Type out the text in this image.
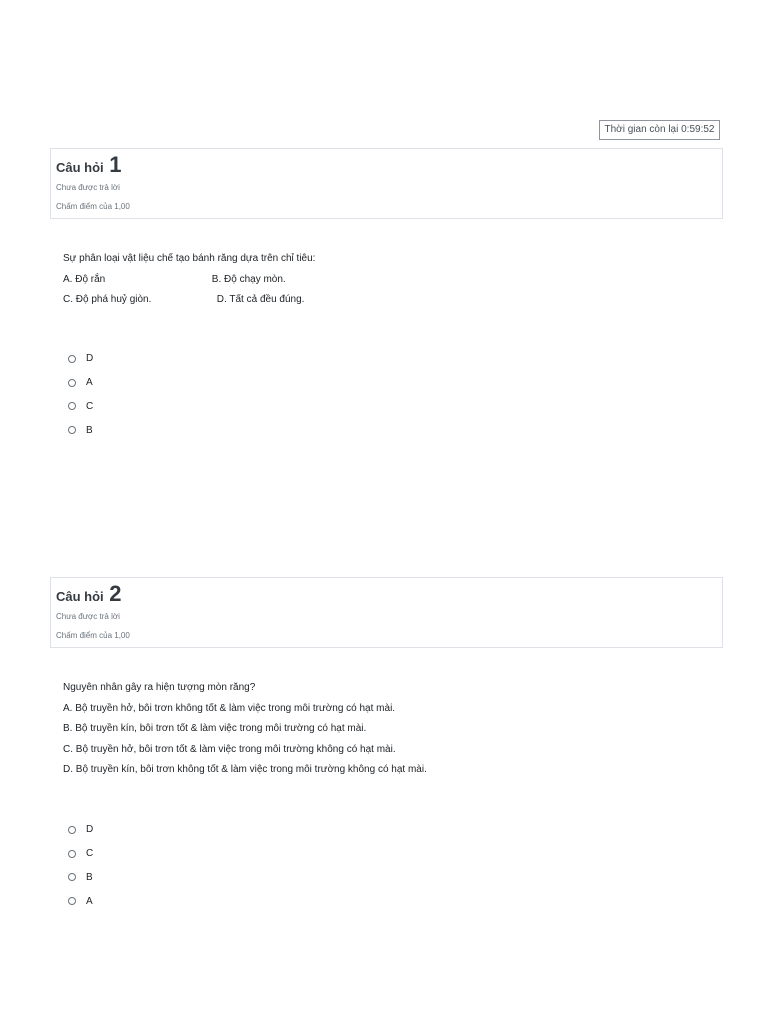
Thời gian còn lại 0:59:52
Câu hỏi 1
Chưa được trả lời
Chấm điểm của 1,00
Sự phân loại vật liệu chế tạo bánh răng dựa trên chỉ tiêu:
A. Độ rắn	B. Độ chạy mòn.
C. Độ phá huỷ giòn.	D. Tất cả đều đúng.
D
A
C
B
Câu hỏi 2
Chưa được trả lời
Chấm điểm của 1,00
Nguyên nhân gây ra hiện tượng mòn răng?
A. Bộ truyền hở, bôi trơn không tốt & làm việc trong môi trường có hạt mài.
B. Bộ truyền kín, bôi trơn tốt & làm việc trong môi trường có hạt mài.
C. Bộ truyền hở, bôi trơn tốt & làm việc trong môi trường không có hạt mài.
D. Bộ truyền kín, bôi trơn không tốt & làm việc trong môi trường không có hạt mài.
D
C
B
A
